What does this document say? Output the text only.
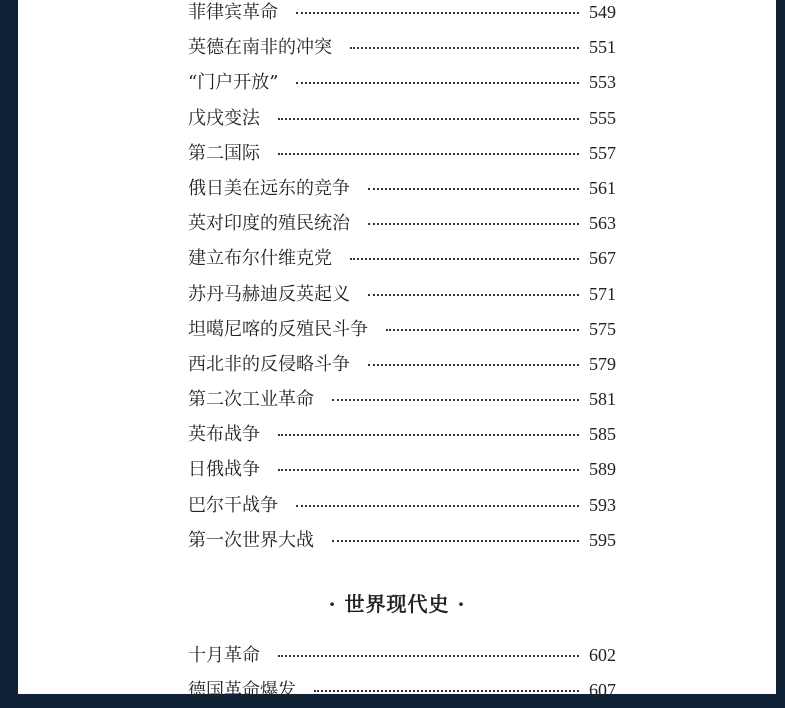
菲律宾革命	549
英德在南非的冲突	551
“门户开放”	553
戊戌变法	555
第二国际	557
俄日美在远东的竞争	561
英对印度的殖民统治	563
建立布尔什维克党	567
苏丹马赫迪反英起义	571
坦噶尼喀的反殖民斗争	575
西北非的反侵略斗争	579
第二次工业革命	581
英布战争	585
日俄战争	589
巴尔干战争	593
第一次世界大战	595
· 世界现代史 ·
十月革命	602
德国革命爆发	607
